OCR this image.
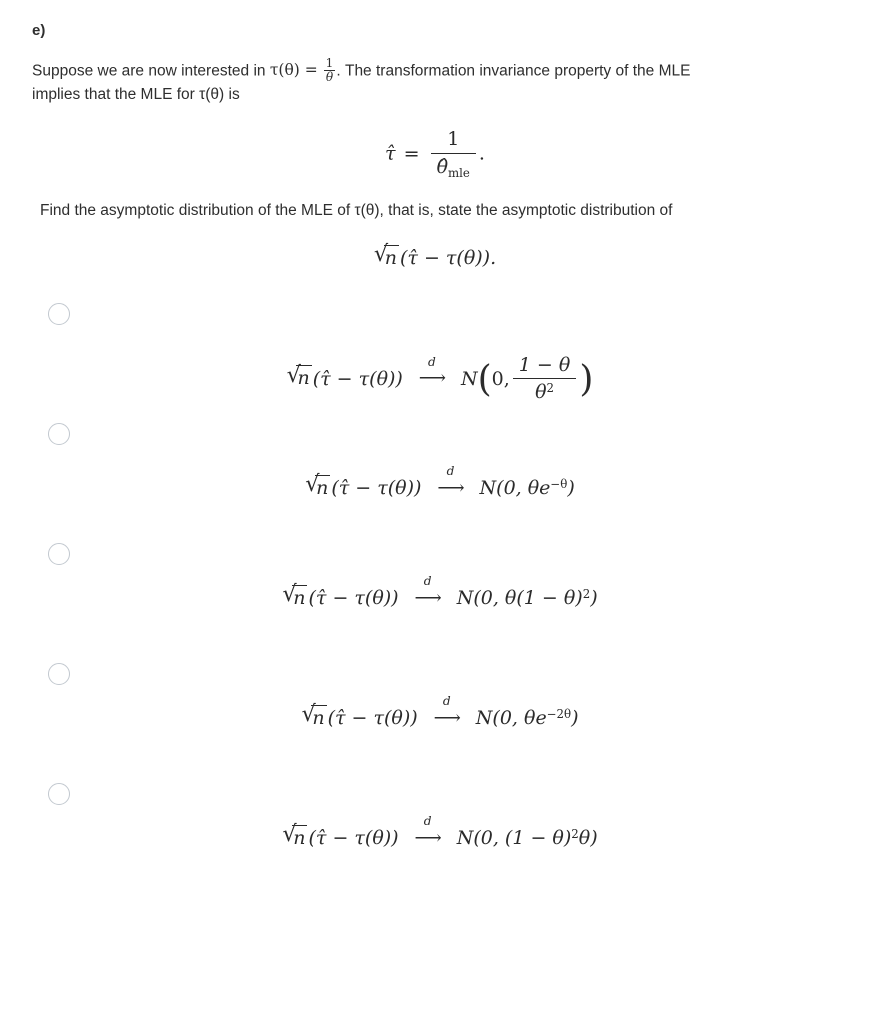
e)

Suppose we are now interested in $\tau(\theta) = \frac{1}{\theta}$ . The transformation invariance property of the MLE
implies that the MLE for τ(θ) is

τ̂ = $\frac{1}{\thetâ_{mle}}$ .

Find the asymptotic distribution of the MLE of τ(θ), that is, state the asymptotic distribution of

√
n (τ̂ − τ(θ)).
√
n (τ̂ − τ(θ))
d
⟶ N(0, $\frac{1 - \theta}{\theta^2}$ )
√
n (τ̂ − τ(θ))
d
⟶ N(0, $\theta e^{-\theta}$)
√
n (τ̂ − τ(θ))
d
⟶ N(0, $\theta(1 - \theta)^2$)
√
n (τ̂ − τ(θ))
d
⟶ N(0, $\theta e^{-2\theta}$)
√
n (τ̂ − τ(θ))
d
⟶ N(0, $(1 - \theta)^2\theta$)
